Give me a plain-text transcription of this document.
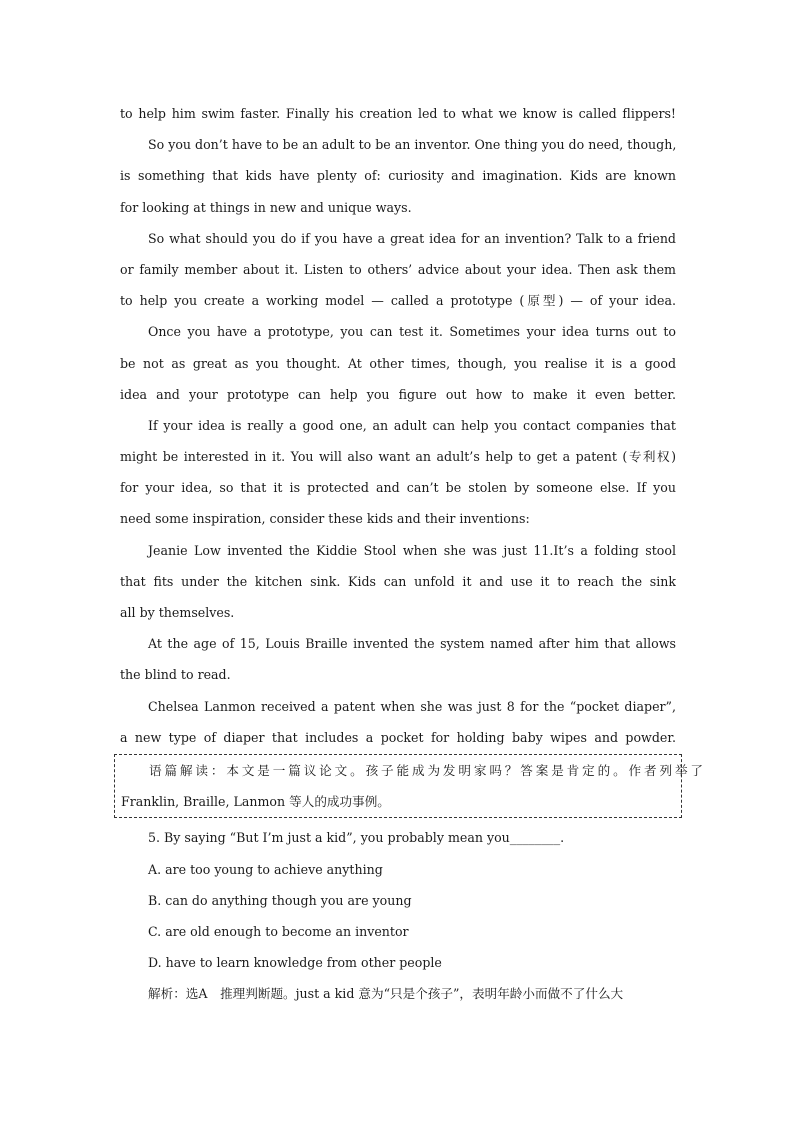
to help him swim faster. Finally his creation led to what we know is called flippers!
So you don’t have to be an adult to be an inventor. One thing you do need, though,
is something that kids have plenty of: curiosity and imagination. Kids are known
for looking at things in new and unique ways.
So what should you do if you have a great idea for an invention? Talk to a friend
or family member about it. Listen to others’ advice about your idea. Then ask them
to help you create a working model — called a prototype (原型) — of your idea.
Once you have a prototype, you can test it. Sometimes your idea turns out to
be not as great as you thought. At other times, though, you realise it is a good
idea and your prototype can help you figure out how to make it even better.
If your idea is really a good one, an adult can help you contact companies that
might be interested in it. You will also want an adult’s help to get a patent (专利权)
for your idea, so that it is protected and can’t be stolen by someone else. If you
need some inspiration, consider these kids and their inventions:
Jeanie Low invented the Kiddie Stool when she was just 11.It’s a folding stool
that fits under the kitchen sink. Kids can unfold it and use it to reach the sink
all by themselves.
At the age of 15, Louis Braille invented the system named after him that allows
the blind to read.
Chelsea Lanmon received a patent when she was just 8 for the “pocket diaper”,
a new type of diaper that includes a pocket for holding baby wipes and powder.
语篇解读：本文是一篇议论文。孩子能成为发明家吗？答案是肯定的。作者列举了
Franklin, Braille, Lanmon 等人的成功事例。
5. By saying “But I’m just a kid”, you probably mean you________.
A. are too young to achieve anything
B. can do anything though you are young
C. are old enough to become an inventor
D. have to learn knowledge from other people
解析：选A　推理判断题。just a kid 意为“只是个孩子”，表明年龄小而做不了什么大
